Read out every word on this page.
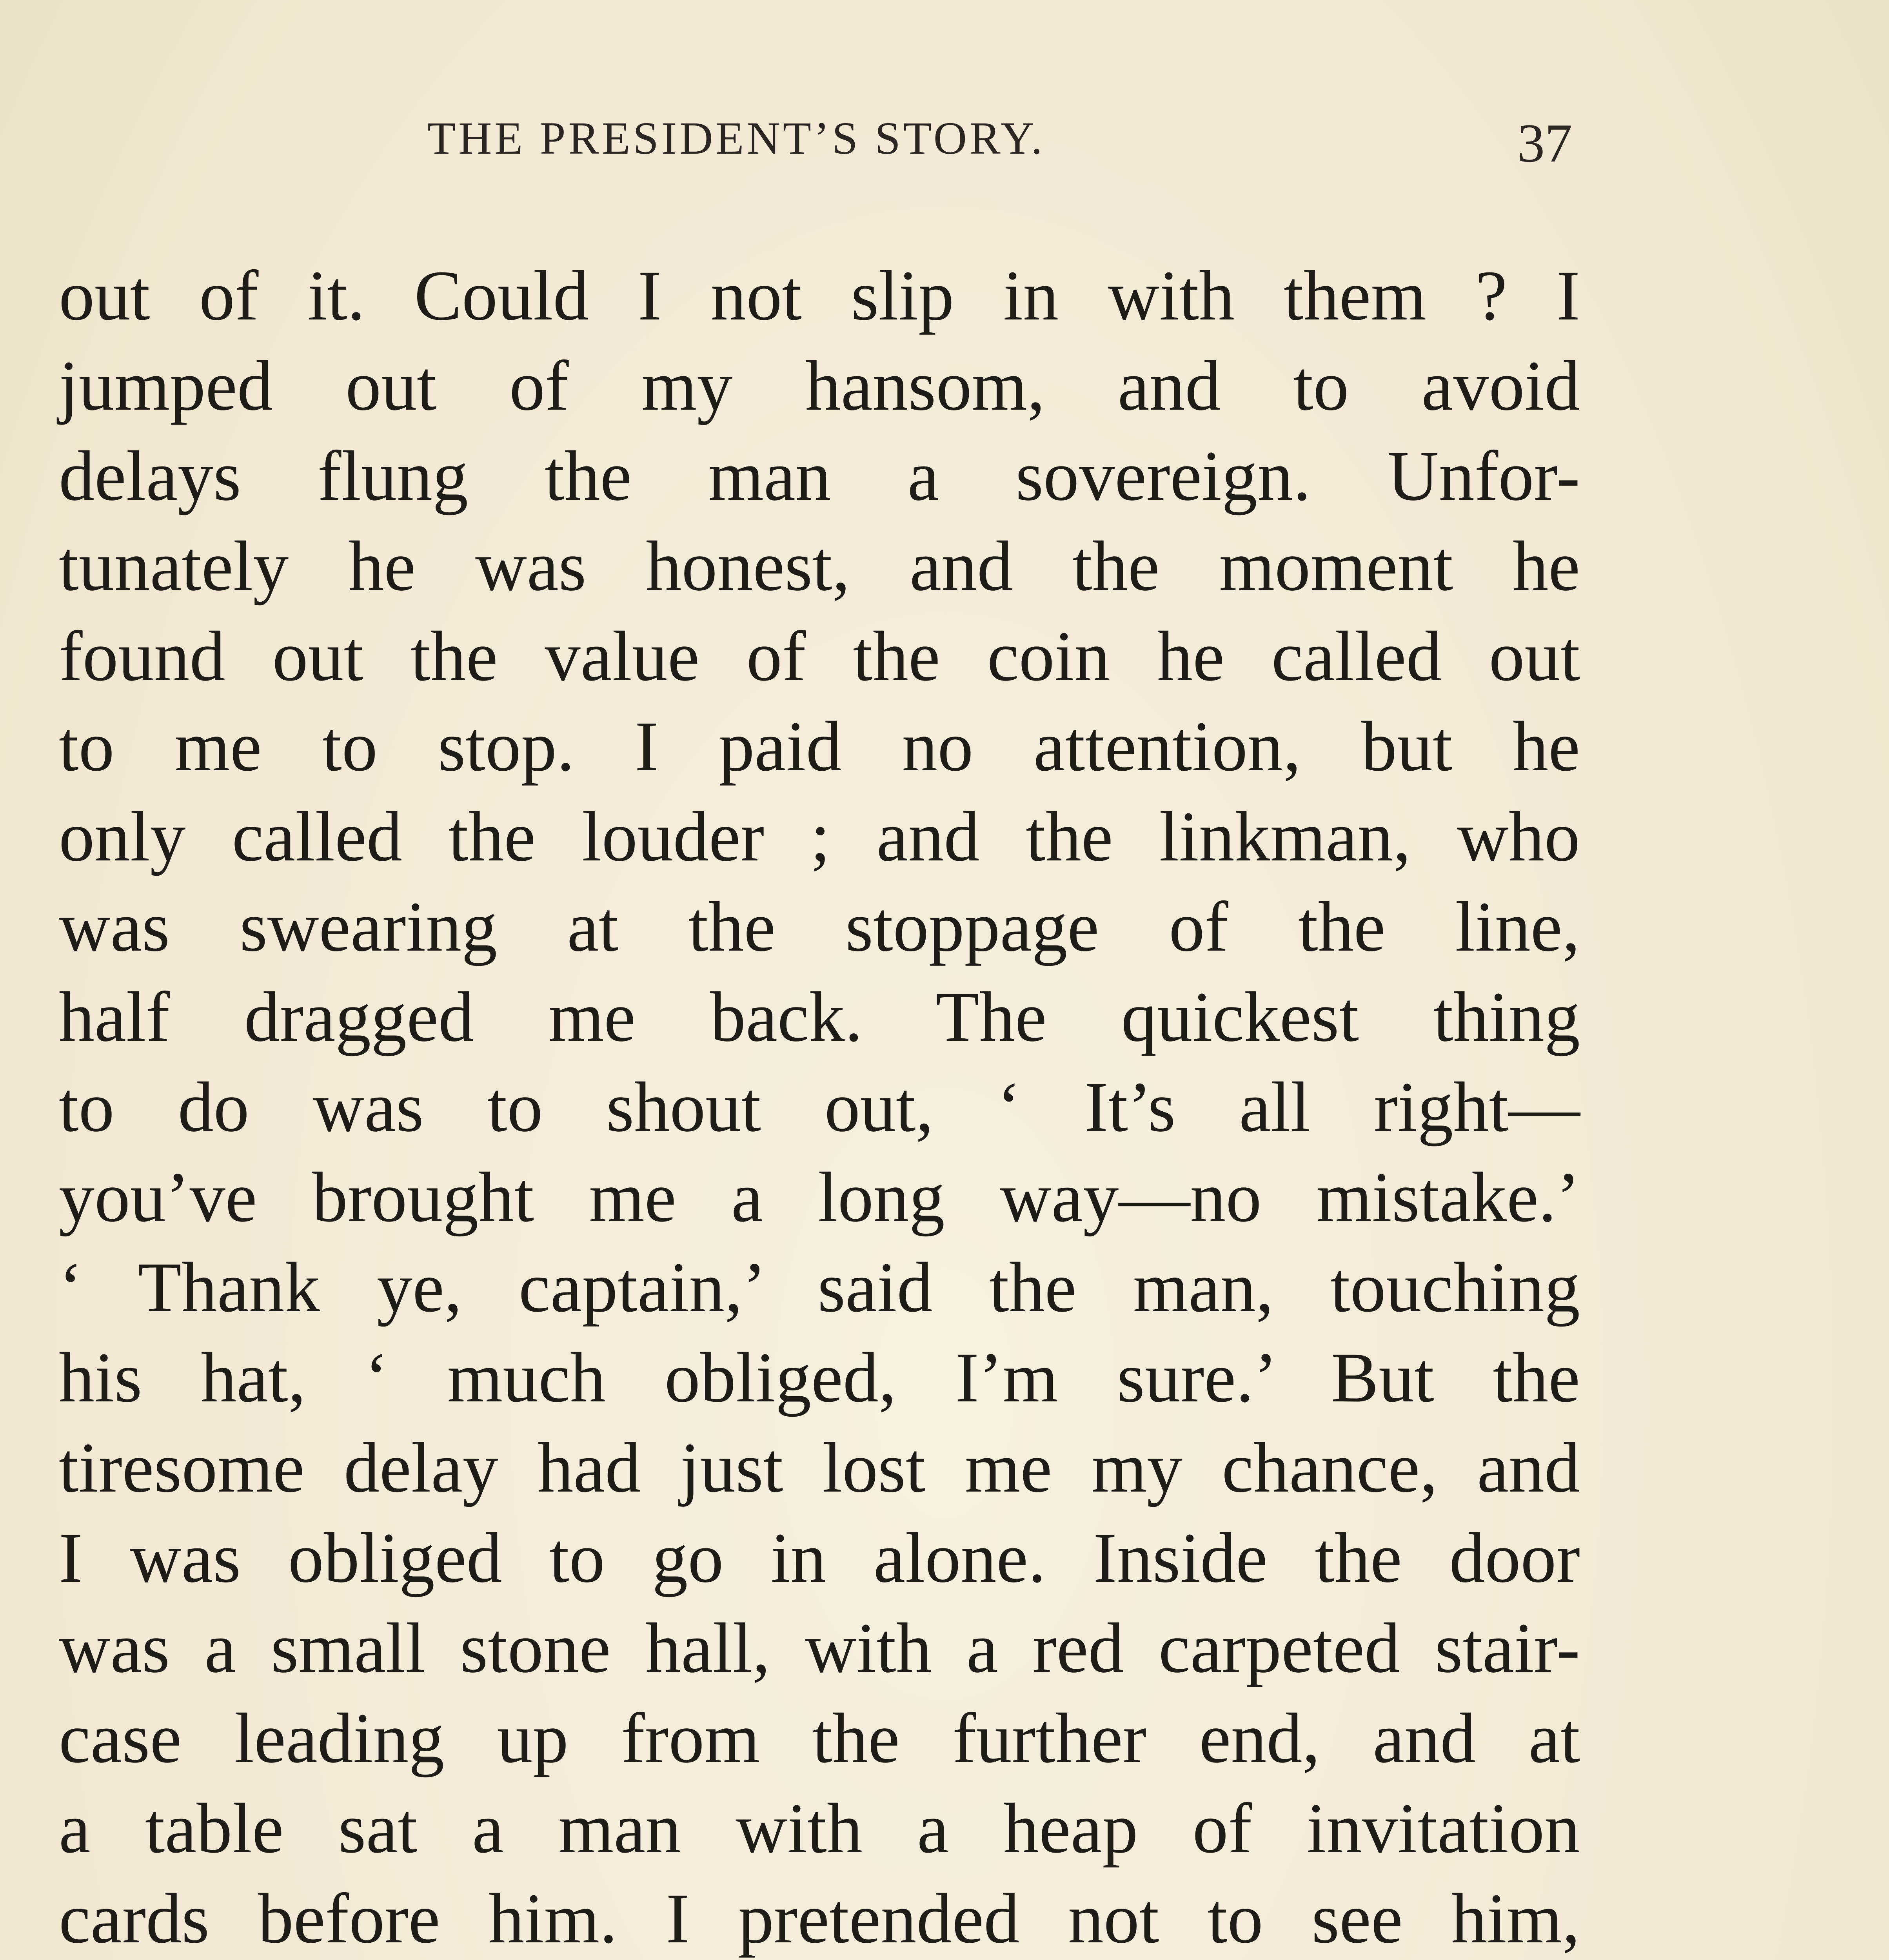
THE PRESIDENT’S STORY.	37
out of it. Could I not slip in with them ? I
jumped out of my hansom, and to avoid
delays flung the man a sovereign. Unfor-
tunately he was honest, and the moment he
found out the value of the coin he called out
to me to stop. I paid no attention, but he
only called the louder ; and the linkman, who
was swearing at the stoppage of the line,
half dragged me back. The quickest thing
to do was to shout out, ‘ It’s all right—
you’ve brought me a long way—no mistake.’
‘ Thank ye, captain,’ said the man, touching
his hat, ‘ much obliged, I’m sure.’ But the
tiresome delay had just lost me my chance, and
I was obliged to go in alone. Inside the door
was a small stone hall, with a red carpeted stair-
case leading up from the further end, and at
a table sat a man with a heap of invitation
cards before him. I pretended not to see him,
